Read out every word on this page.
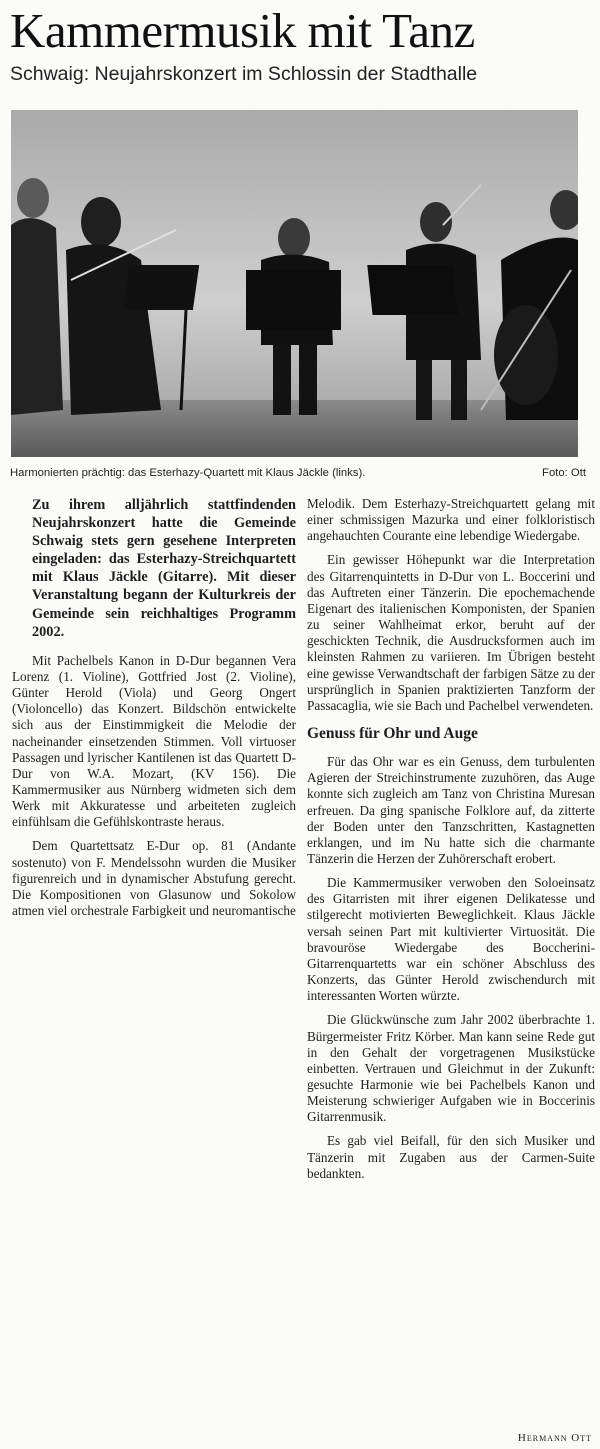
Kammermusik mit Tanz
Schwaig: Neujahrskonzert im Schlossin der Stadthalle
Harmonierten prächtig: das Esterhazy-Quartett mit Klaus Jäckle (links).	Foto: Ott

Zu ihrem alljährlich stattfindenden Neujahrskonzert hatte die Gemeinde Schwaig stets gern gesehene Interpreten eingeladen: das Esterhazy-Streichquartett mit Klaus Jäckle (Gitarre). Mit dieser Veranstaltung begann der Kulturkreis der Gemeinde sein reichhaltiges Programm 2002.

Mit Pachelbels Kanon in D-Dur begannen Vera Lorenz (1. Violine), Gottfried Jost (2. Violine), Günter Herold (Viola) und Georg Ongert (Violoncello) das Konzert. Bildschön entwickelte sich aus der Einstimmigkeit die Melodie der nacheinander einsetzenden Stimmen. Voll virtuoser Passagen und lyrischer Kantilenen ist das Quartett D-Dur von W.A. Mozart, (KV 156). Die Kammermusiker aus Nürnberg widmeten sich dem Werk mit Akkuratesse und arbeiteten zugleich einfühlsam die Gefühlskontraste heraus.

Dem Quartettsatz E-Dur op. 81 (Andante sostenuto) von F. Mendelssohn wurden die Musiker figurenreich und in dynamischer Abstufung gerecht. Die Kompositionen von Glasunow und Sokolow atmen viel orchestrale Farbigkeit und neuromantische

Melodik. Dem Esterhazy-Streichquartett gelang mit einer schmissigen Mazurka und einer folkloristisch angehauchten Courante eine lebendige Wiedergabe.

Ein gewisser Höhepunkt war die Interpretation des Gitarrenquintetts in D-Dur von L. Boccerini und das Auftreten einer Tänzerin. Die epochemachende Eigenart des italienischen Komponisten, der Spanien zu seiner Wahlheimat erkor, beruht auf der geschickten Technik, die Ausdrucksformen auch im kleinsten Rahmen zu variieren. Im Übrigen besteht eine gewisse Verwandtschaft der farbigen Sätze zu der ursprünglich in Spanien praktizierten Tanzform der Passacaglia, wie sie Bach und Pachelbel verwendeten.

Genuss für Ohr und Auge

Für das Ohr war es ein Genuss, dem turbulenten Agieren der Streichinstrumente zuzuhören, das Auge konnte sich zugleich am Tanz von Christina Muresan erfreuen. Da ging spanische Folklore auf, da zitterte der Boden unter den Tanzschritten, Kastagnetten erklangen, und im Nu hatte sich die charmante Tänzerin die Herzen der Zuhörerschaft erobert.

Die Kammermusiker verwoben den Soloeinsatz des Gitarristen mit ihrer eigenen Delikatesse und stilgerecht motivierten Beweglichkeit. Klaus Jäckle versah seinen Part mit kultivierter Virtuosität. Die bravouröse Wiedergabe des Boccherini-Gitarrenquartetts war ein schöner Abschluss des Konzerts, das Günter Herold zwischendurch mit interessanten Worten würzte.

Die Glückwünsche zum Jahr 2002 überbrachte 1. Bürgermeister Fritz Körber. Man kann seine Rede gut in den Gehalt der vorgetragenen Musikstücke einbetten. Vertrauen und Gleichmut in der Zukunft: gesuchte Harmonie wie bei Pachelbels Kanon und Meisterung schwieriger Aufgaben wie in Boccerinis Gitarrenmusik.

Es gab viel Beifall, für den sich Musiker und Tänzerin mit Zugaben aus der Carmen-Suite bedankten.

Hermann Ott
